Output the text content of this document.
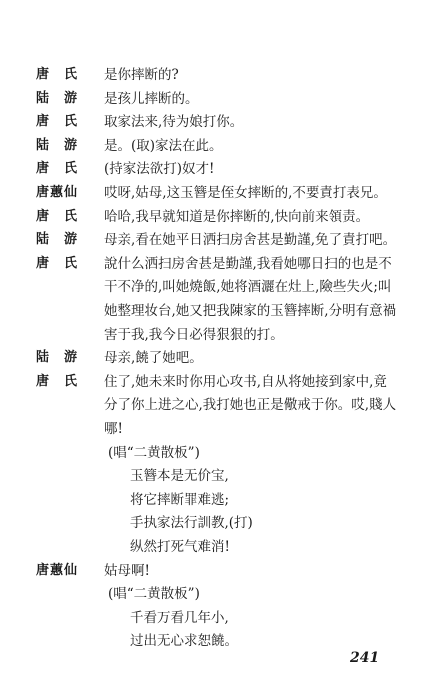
唐　氏	是你摔断的?
陆　游	是孩儿摔断的。
唐　氏	取家法来,待为娘打你。
陆　游	是。(取)家法在此。
唐　氏	(持家法欲打)奴才!
唐蕙仙	哎呀,姑母,这玉簪是侄女摔断的,不要責打表兄。
唐　氏	哈哈,我早就知道是你摔断的,快向前来領责。
陆　游	母亲,看在她平日洒扫房舍甚是勤謹,免了責打吧。
唐　氏	說什么洒扫房舍甚是勤謹,我看她哪日扫的也是不
干不净的,叫她燒飯,她将酒灑在灶上,險些失火;叫
她整理妆台,她又把我陳家的玉簪摔断,分明有意禍
害于我,我今日必得狠狠的打。
陆　游	母亲,饒了她吧。
唐　氏	住了,她未来时你用心攻书,自从将她接到家中,竟
分了你上进之心,我打她也正是儆戒于你。哎,賤人
哪!
(唱“二黄散板”)
玉簪本是无价宝,
将它摔断罪难逃;
手执家法行訓教,(打)
纵然打死气难消!
唐蕙仙	姑母啊!
(唱“二黄散板”)
千看万看几年小,
过出无心求恕饒。
241
